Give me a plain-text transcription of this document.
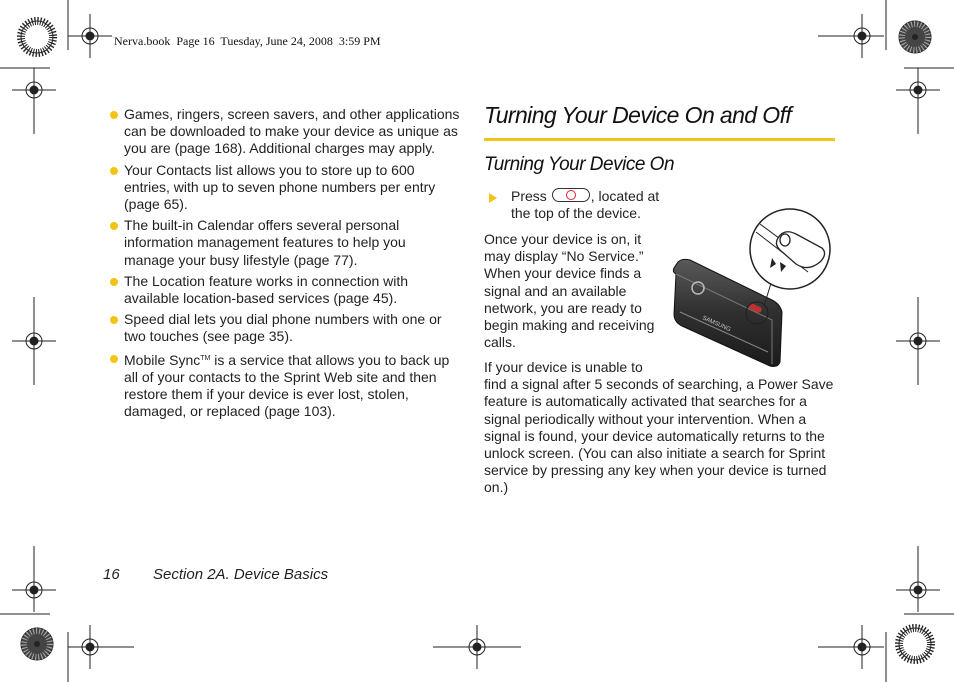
Nerva.book  Page 16  Tuesday, June 24, 2008  3:59 PM
Games, ringers, screen savers, and other applications can be downloaded to make your device as unique as you are (page 168). Additional charges may apply.
Your Contacts list allows you to store up to 600 entries, with up to seven phone numbers per entry (page 65).
The built-in Calendar offers several personal information management features to help you manage your busy lifestyle (page 77).
The Location feature works in connection with available location-based services (page 45).
Speed dial lets you dial phone numbers with one or two touches (see page 35).
Mobile Sync™ is a service that allows you to back up all of your contacts to the Sprint Web site and then restore them if your device is ever lost, stolen, damaged, or replaced (page 103).
Turning Your Device On and Off
Turning Your Device On
Press	, located at the top of the device.
Once your device is on, it may display “No Service.” When your device finds a signal and an available network, you are ready to begin making and receiving calls.
If your device is unable to
find a signal after 5 seconds of searching, a Power Save feature is automatically activated that searches for a signal periodically without your intervention. When a signal is found, your device automatically returns to the unlock screen. (You can also initiate a search for Sprint service by pressing any key when your device is turned on.)
SAMSUNG
16 Section 2A. Device Basics
